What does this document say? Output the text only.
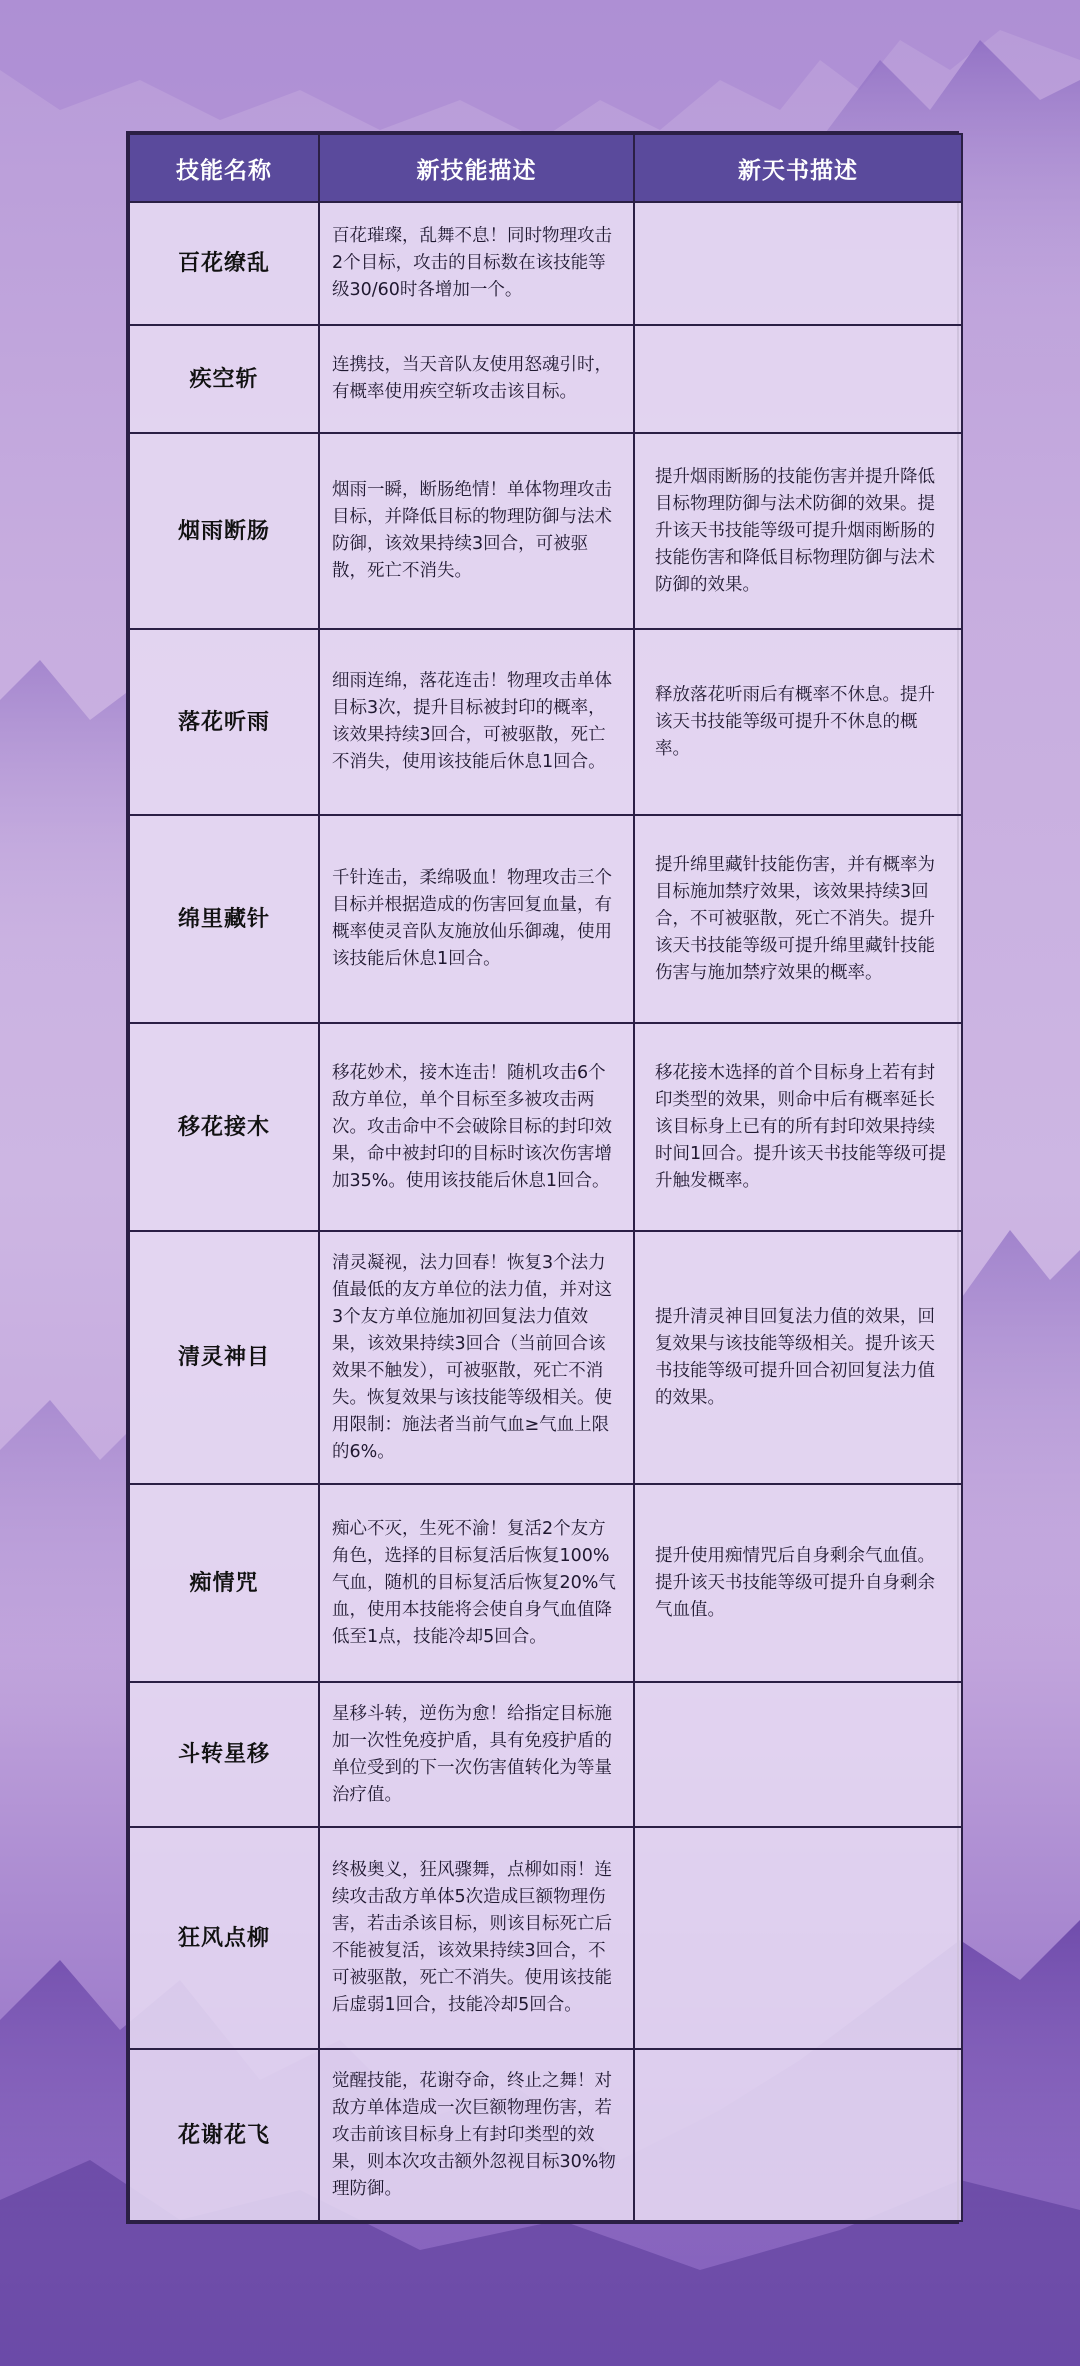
技能名称	新技能描述	新天书描述
百花缭乱	百花璀璨，乱舞不息！同时物理攻击2个目标，攻击的目标数在该技能等级30/60时各增加一个。	
疾空斩	连携技，当天音队友使用怒魂引时，有概率使用疾空斩攻击该目标。	
烟雨断肠	烟雨一瞬，断肠绝情！单体物理攻击目标，并降低目标的物理防御与法术防御，该效果持续3回合，可被驱散，死亡不消失。	提升烟雨断肠的技能伤害并提升降低目标物理防御与法术防御的效果。提升该天书技能等级可提升烟雨断肠的技能伤害和降低目标物理防御与法术防御的效果。
落花听雨	细雨连绵，落花连击！物理攻击单体目标3次，提升目标被封印的概率，该效果持续3回合，可被驱散，死亡不消失，使用该技能后休息1回合。	释放落花听雨后有概率不休息。提升该天书技能等级可提升不休息的概率。
绵里藏针	千针连击，柔绵吸血！物理攻击三个目标并根据造成的伤害回复血量，有概率使灵音队友施放仙乐御魂，使用该技能后休息1回合。	提升绵里藏针技能伤害，并有概率为目标施加禁疗效果，该效果持续3回合，不可被驱散，死亡不消失。提升该天书技能等级可提升绵里藏针技能伤害与施加禁疗效果的概率。
移花接木	移花妙术，接木连击！随机攻击6个敌方单位，单个目标至多被攻击两次。攻击命中不会破除目标的封印效果，命中被封印的目标时该次伤害增加35%。使用该技能后休息1回合。	移花接木选择的首个目标身上若有封印类型的效果，则命中后有概率延长该目标身上已有的所有封印效果持续时间1回合。提升该天书技能等级可提升触发概率。
清灵神目	清灵凝视，法力回春！恢复3个法力值最低的友方单位的法力值，并对这3个友方单位施加初回复法力值效果，该效果持续3回合（当前回合该效果不触发），可被驱散，死亡不消失。恢复效果与该技能等级相关。使用限制：施法者当前气血≥气血上限的6%。	提升清灵神目回复法力值的效果，回复效果与该技能等级相关。提升该天书技能等级可提升回合初回复法力值的效果。
痴情咒	痴心不灭，生死不渝！复活2个友方角色，选择的目标复活后恢复100%气血，随机的目标复活后恢复20%气血，使用本技能将会使自身气血值降低至1点，技能冷却5回合。	提升使用痴情咒后自身剩余气血值。提升该天书技能等级可提升自身剩余气血值。
斗转星移	星移斗转，逆伤为愈！给指定目标施加一次性免疫护盾，具有免疫护盾的单位受到的下一次伤害值转化为等量治疗值。	
狂风点柳	终极奥义，狂风骤舞，点柳如雨！连续攻击敌方单体5次造成巨额物理伤害，若击杀该目标，则该目标死亡后不能被复活，该效果持续3回合，不可被驱散，死亡不消失。使用该技能后虚弱1回合，技能冷却5回合。	
花谢花飞	觉醒技能，花谢夺命，终止之舞！对敌方单体造成一次巨额物理伤害，若攻击前该目标身上有封印类型的效果，则本次攻击额外忽视目标30%物理防御。	
